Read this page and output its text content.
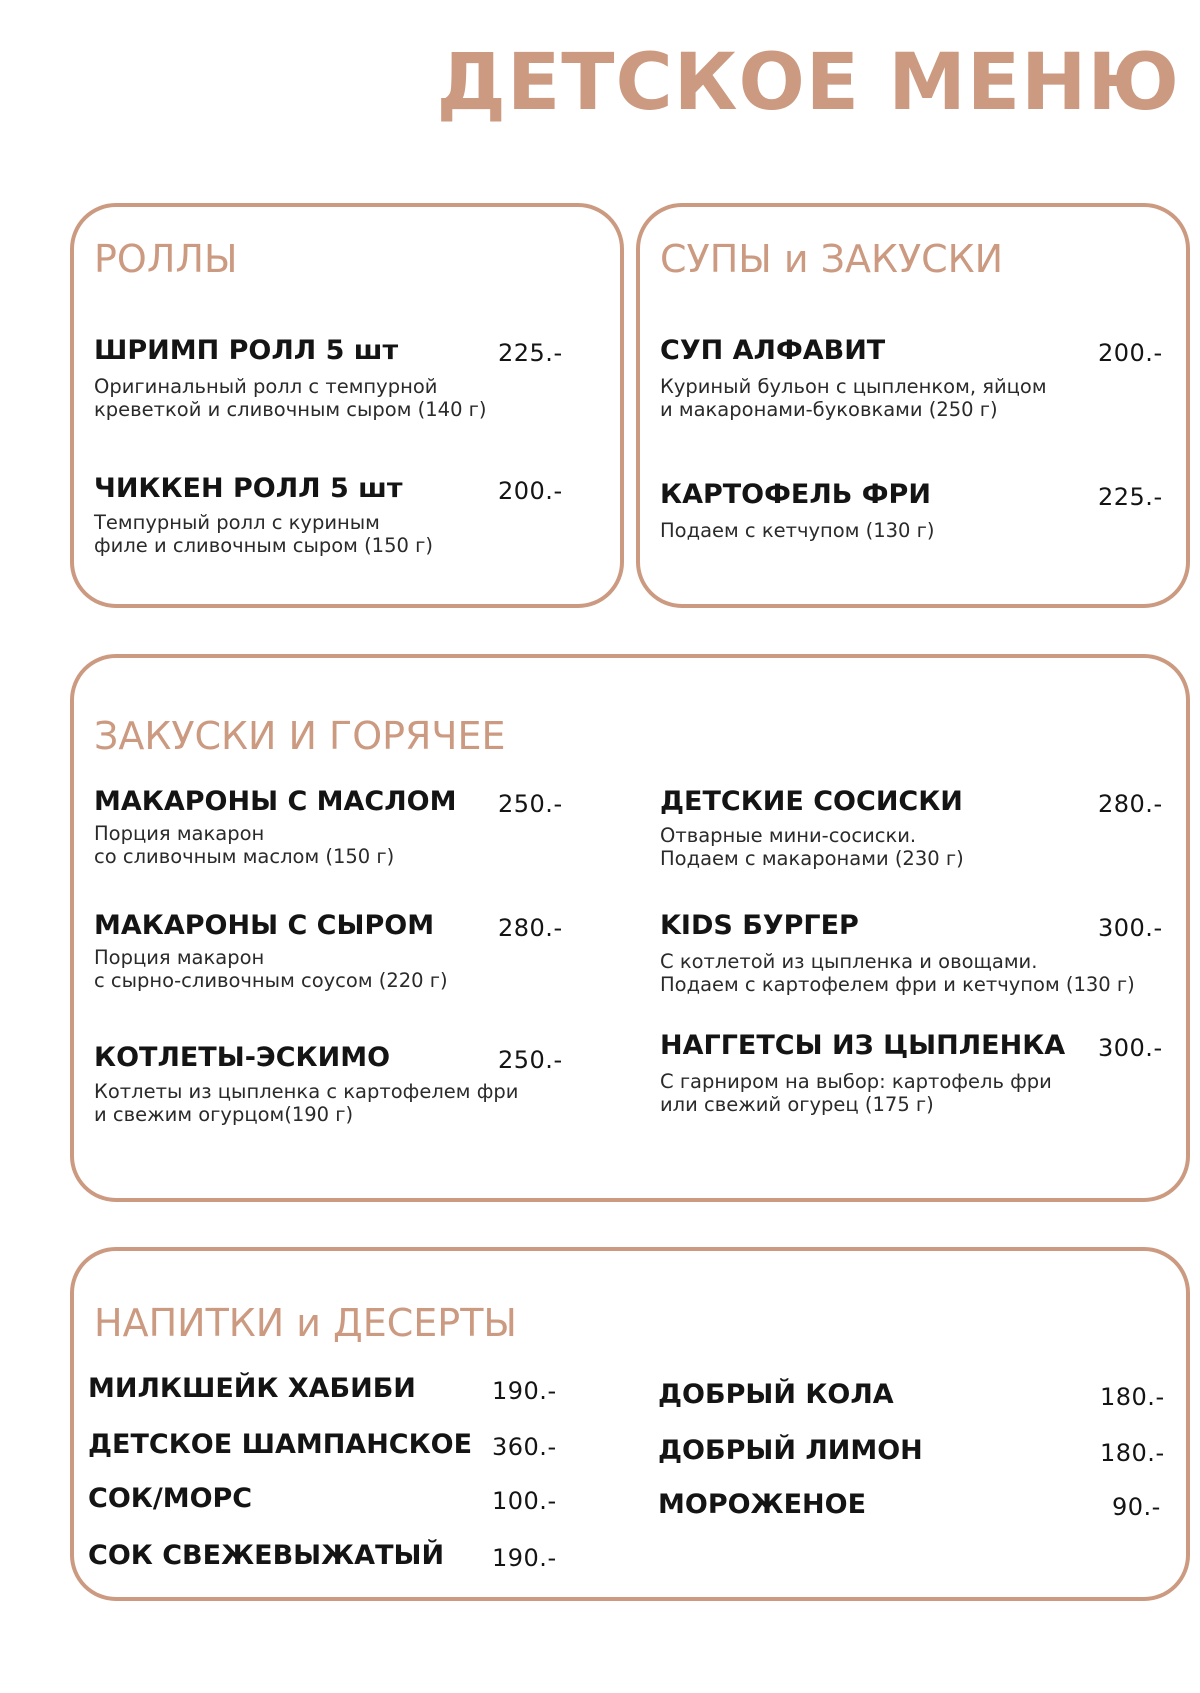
ДЕТСКОЕ МЕНЮ
РОЛЛЫ
ШРИМП РОЛЛ 5 шт	225.-
Оригинальный ролл с темпурной
креветкой и сливочным сыром (140 г)
ЧИККЕН РОЛЛ 5 шт	200.-
Темпурный ролл с куриным
филе и сливочным сыром (150 г)
СУПЫ и ЗАКУСКИ
СУП АЛФАВИТ	200.-
Куриный бульон с цыпленком, яйцом
и макаронами-буковками (250 г)
КАРТОФЕЛЬ ФРИ	225.-
Подаем с кетчупом (130 г)
ЗАКУСКИ И ГОРЯЧЕЕ
МАКАРОНЫ С МАСЛОМ 250.-
Порция макарон
со сливочным маслом (150 г)
МАКАРОНЫ С СЫРОМ	280.-
Порция макарон
с сырно-сливочным соусом (220 г)
КОТЛЕТЫ-ЭСКИМО	250.-
Котлеты из цыпленка с картофелем фри
и свежим огурцом(190 г)
ДЕТСКИЕ СОСИСКИ	280.-
Отварные мини-сосиски.
Подаем с макаронами (230 г)
KIDS БУРГЕР	300.-
С котлетой из цыпленка и овощами.
Подаем с картофелем фри и кетчупом (130 г)
НАГГЕТСЫ ИЗ ЦЫПЛЕНКА 300.-
С гарниром на выбор: картофель фри
или свежий огурец (175 г)
НАПИТКИ и ДЕСЕРТЫ
МИЛКШЕЙК ХАБИБИ	190.-
ДЕТСКОЕ ШАМПАНСКОЕ 360.-
СОК/МОРС	100.-
СОК СВЕЖЕВЫЖАТЫЙ 190.-
ДОБРЫЙ КОЛА	180.-
ДОБРЫЙ ЛИМОН	180.-
МОРОЖЕНОЕ	90.-
